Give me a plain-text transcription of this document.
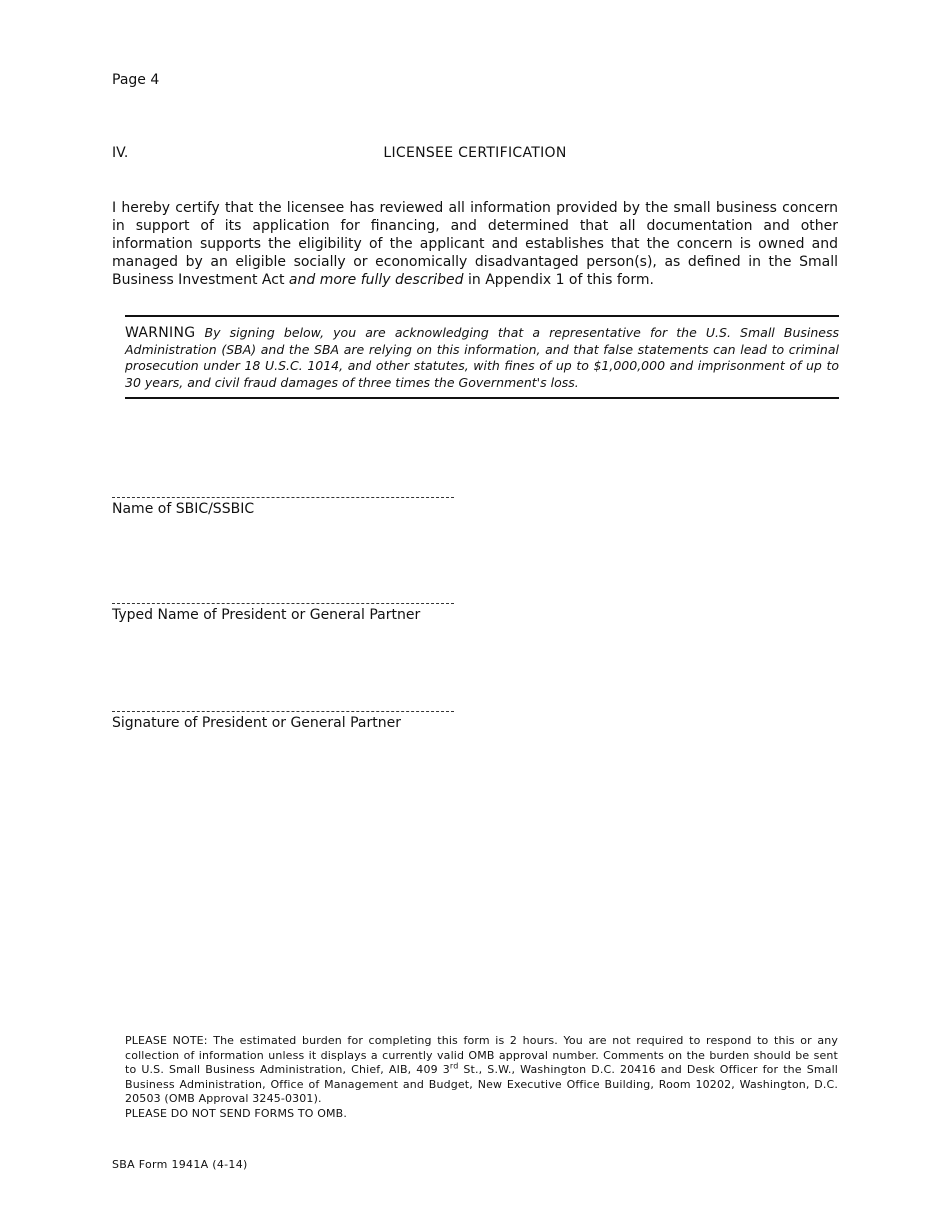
Page 4
IV.	LICENSEE CERTIFICATION
I hereby certify that the licensee has reviewed all information provided by the small business concern in support of its application for financing, and determined that all documentation and other information supports the eligibility of the applicant and establishes that the concern is owned and managed by an eligible socially or economically disadvantaged person(s), as defined in the Small Business Investment Act and more fully described in Appendix 1 of this form.
WARNING By signing below, you are acknowledging that a representative for the U.S. Small Business Administration (SBA) and the SBA are relying on this information, and that false statements can lead to criminal prosecution under 18 U.S.C. 1014, and other statutes, with fines of up to $1,000,000 and imprisonment of up to 30 years, and civil fraud damages of three times the Government's loss.
Name of SBIC/SSBIC
Typed Name of President or General Partner
Signature of President or General Partner
PLEASE NOTE: The estimated burden for completing this form is 2 hours. You are not required to respond to this or any collection of information unless it displays a currently valid OMB approval number. Comments on the burden should be sent to U.S. Small Business Administration, Chief, AIB, 409 3rd St., S.W., Washington D.C. 20416 and Desk Officer for the Small Business Administration, Office of Management and Budget, New Executive Office Building, Room 10202, Washington, D.C. 20503 (OMB Approval 3245-0301).
PLEASE DO NOT SEND FORMS TO OMB.
SBA Form 1941A (4-14)
